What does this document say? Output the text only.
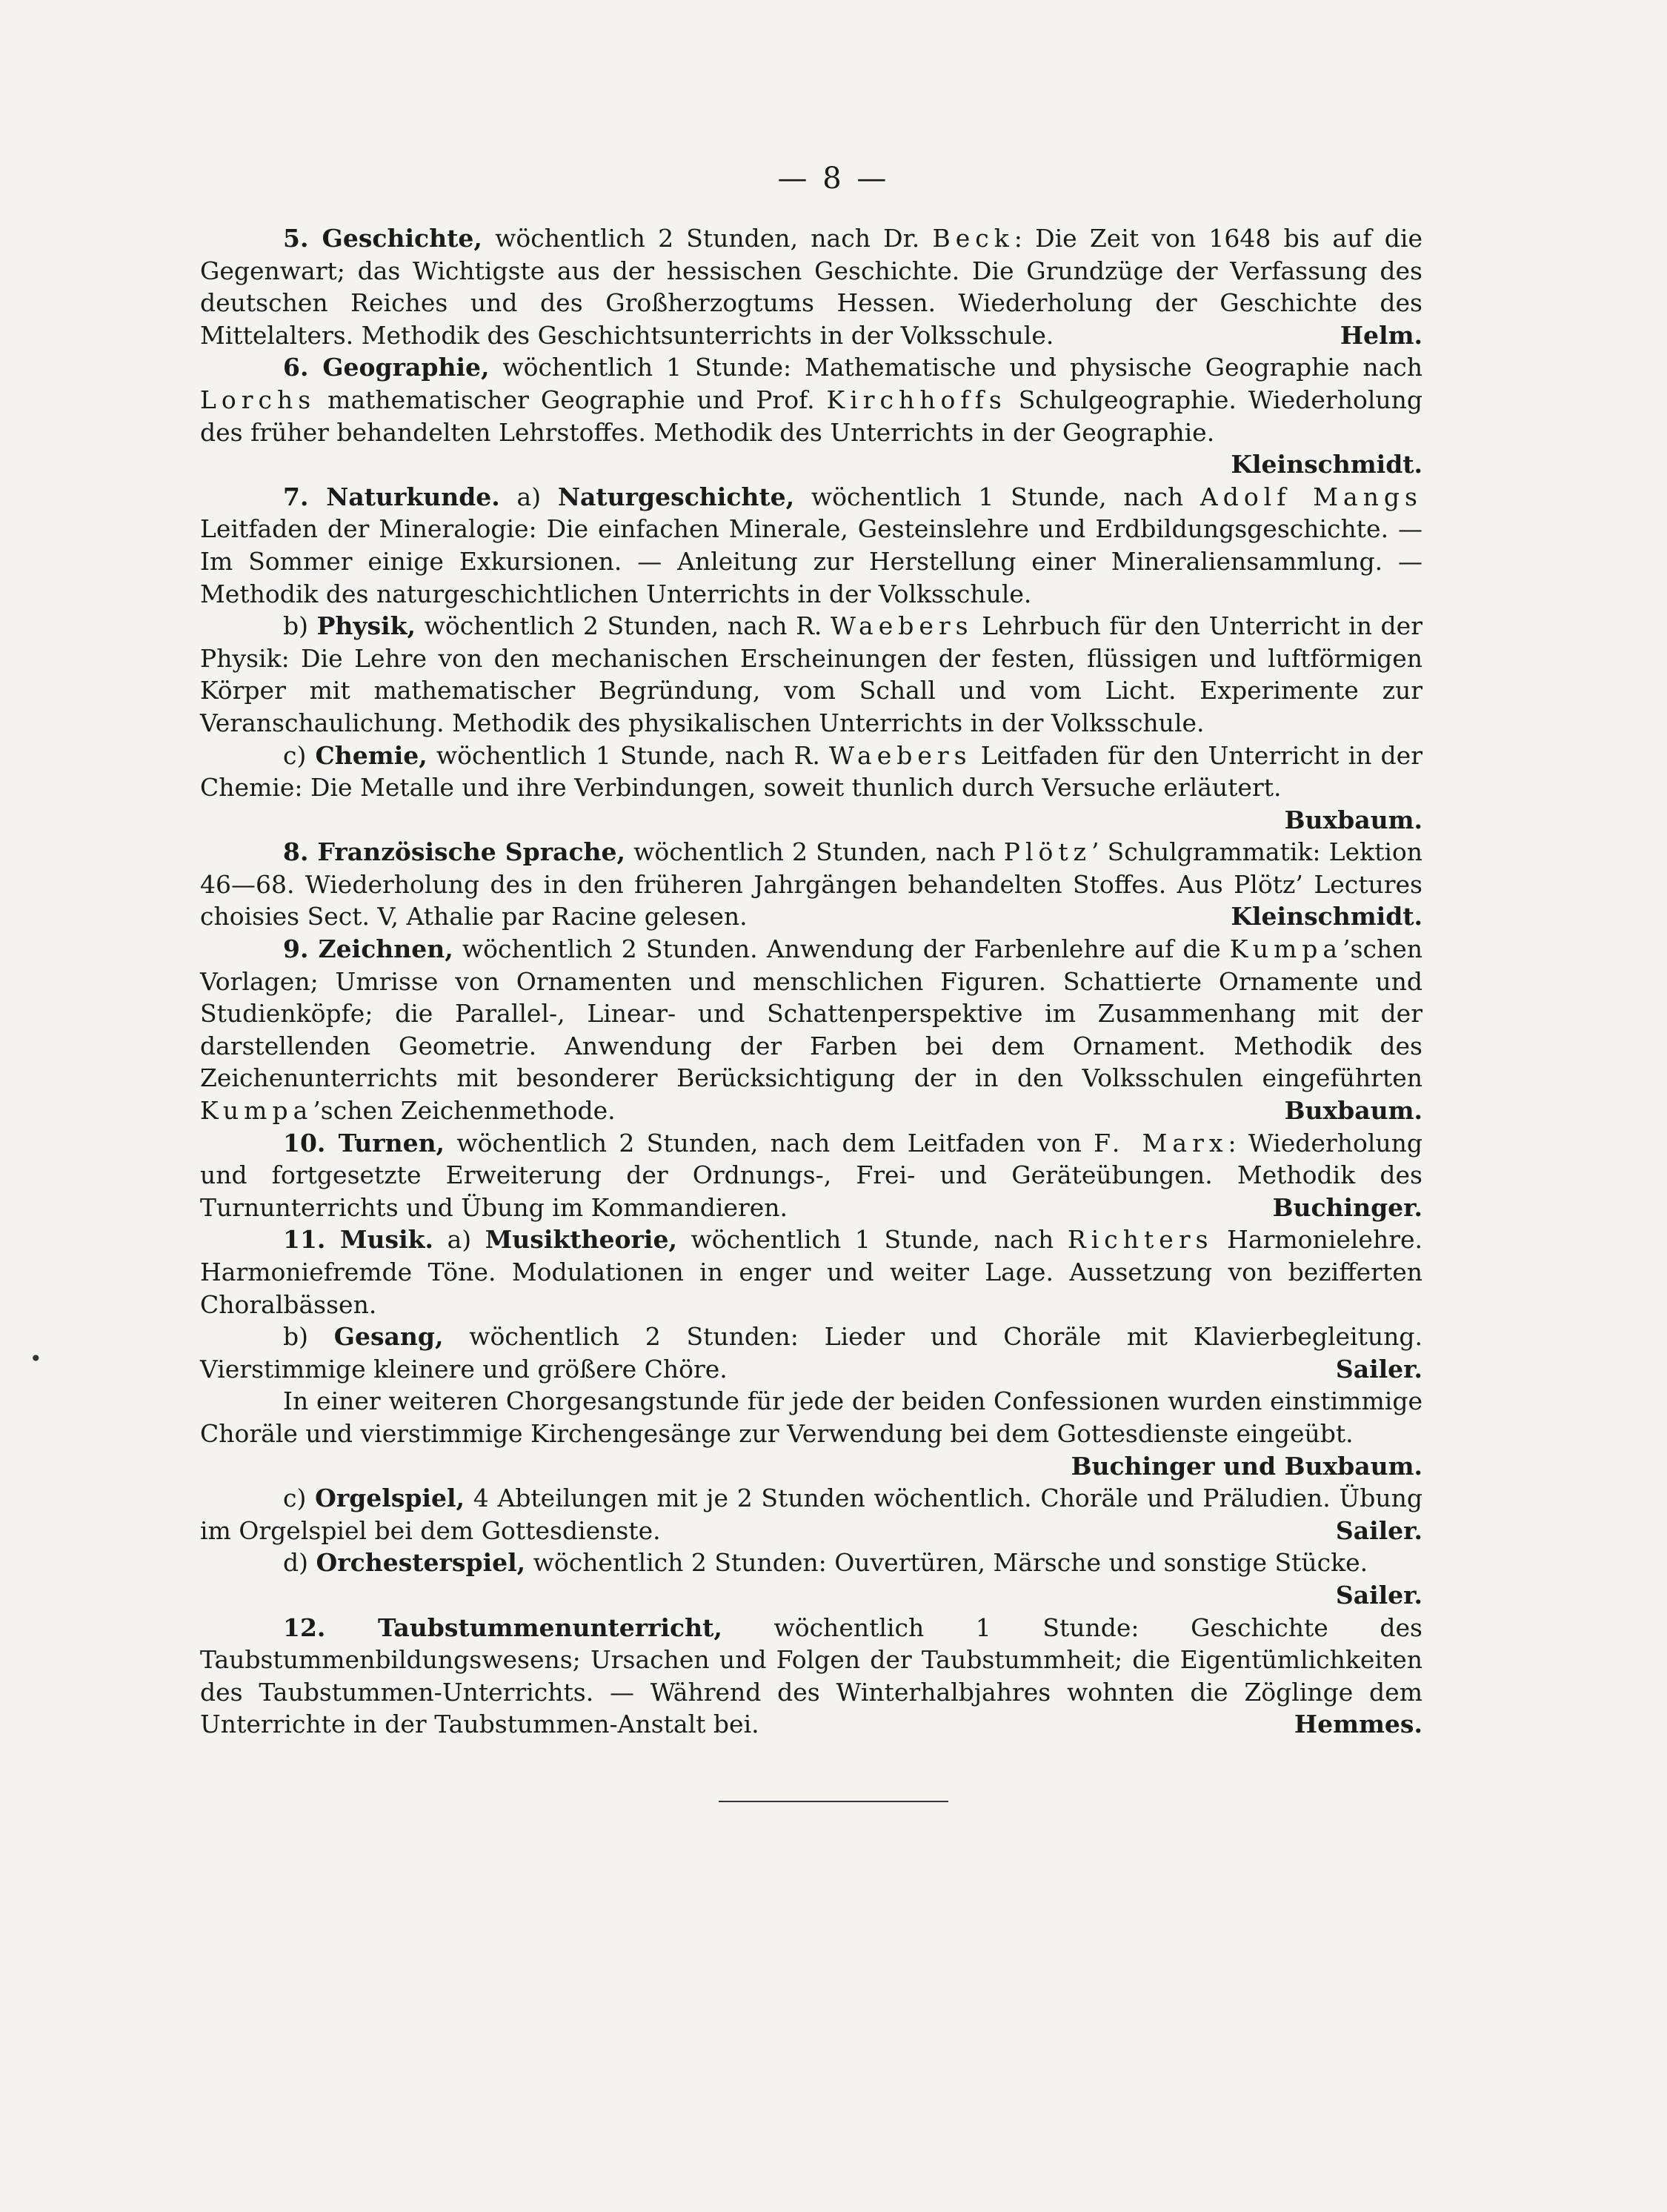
— 8 —
•

5. Geschichte, wöchentlich 2 Stunden, nach Dr. Beck: Die Zeit von 1648 bis auf die Gegenwart; das Wichtigste aus der hessischen Geschichte. Die Grundzüge der Verfassung des deutschen Reiches und des Großherzogtums Hessen. Wiederholung der Geschichte des Mittelalters. Methodik des Geschichtsunterrichts in der Volksschule.	Helm.

6. Geographie, wöchentlich 1 Stunde: Mathematische und physische Geographie nach Lorchs mathematischer Geographie und Prof. Kirchhoffs Schulgeographie. Wiederholung des früher behandelten Lehrstoffes. Methodik des Unterrichts in der Geographie.
Kleinschmidt.

7. Naturkunde. a) Naturgeschichte, wöchentlich 1 Stunde, nach Adolf Mangs Leitfaden der Mineralogie: Die einfachen Minerale, Gesteinslehre und Erdbildungsgeschichte. — Im Sommer einige Exkursionen. — Anleitung zur Herstellung einer Mineraliensammlung. — Methodik des naturgeschichtlichen Unterrichts in der Volksschule.

b) Physik, wöchentlich 2 Stunden, nach R. Waebers Lehrbuch für den Unterricht in der Physik: Die Lehre von den mechanischen Erscheinungen der festen, flüssigen und luftförmigen Körper mit mathematischer Begründung, vom Schall und vom Licht. Experimente zur Veranschaulichung. Methodik des physikalischen Unterrichts in der Volksschule.

c) Chemie, wöchentlich 1 Stunde, nach R. Waebers Leitfaden für den Unterricht in der Chemie: Die Metalle und ihre Verbindungen, soweit thunlich durch Versuche erläutert.

Buxbaum.

8. Französische Sprache, wöchentlich 2 Stunden, nach Plötz’ Schulgrammatik: Lektion 46—68. Wiederholung des in den früheren Jahrgängen behandelten Stoffes. Aus Plötz’ Lectures choisies Sect. V, Athalie par Racine gelesen.	Kleinschmidt.

9. Zeichnen, wöchentlich 2 Stunden. Anwendung der Farbenlehre auf die Kumpa’schen Vorlagen; Umrisse von Ornamenten und menschlichen Figuren. Schattierte Ornamente und Studienköpfe; die Parallel-, Linear- und Schattenperspektive im Zusammenhang mit der darstellenden Geometrie. Anwendung der Farben bei dem Ornament. Methodik des Zeichenunterrichts mit besonderer Berücksichtigung der in den Volksschulen eingeführten Kumpa’schen Zeichenmethode.	Buxbaum.

10. Turnen, wöchentlich 2 Stunden, nach dem Leitfaden von F. Marx: Wiederholung und fortgesetzte Erweiterung der Ordnungs-, Frei- und Geräteübungen. Methodik des Turnunterrichts und Übung im Kommandieren.	Buchinger.

11. Musik. a) Musiktheorie, wöchentlich 1 Stunde, nach Richters Harmonielehre. Harmoniefremde Töne. Modulationen in enger und weiter Lage. Aussetzung von bezifferten Choralbässen.

b) Gesang, wöchentlich 2 Stunden: Lieder und Choräle mit Klavierbegleitung. Vierstimmige kleinere und größere Chöre.	Sailer.

In einer weiteren Chorgesangstunde für jede der beiden Confessionen wurden einstimmige Choräle und vierstimmige Kirchengesänge zur Verwendung bei dem Gottesdienste eingeübt.

Buchinger und Buxbaum.

c) Orgelspiel, 4 Abteilungen mit je 2 Stunden wöchentlich. Choräle und Präludien. Übung im Orgelspiel bei dem Gottesdienste.	Sailer.

d) Orchesterspiel, wöchentlich 2 Stunden: Ouvertüren, Märsche und sonstige Stücke.

Sailer.

12. Taubstummenunterricht, wöchentlich 1 Stunde: Geschichte des Taubstummenbildungswesens; Ursachen und Folgen der Taubstummheit; die Eigentümlichkeiten des Taubstummen-Unterrichts. — Während des Winterhalbjahres wohnten die Zöglinge dem Unterrichte in der Taubstummen-Anstalt bei.	Hemmes.
